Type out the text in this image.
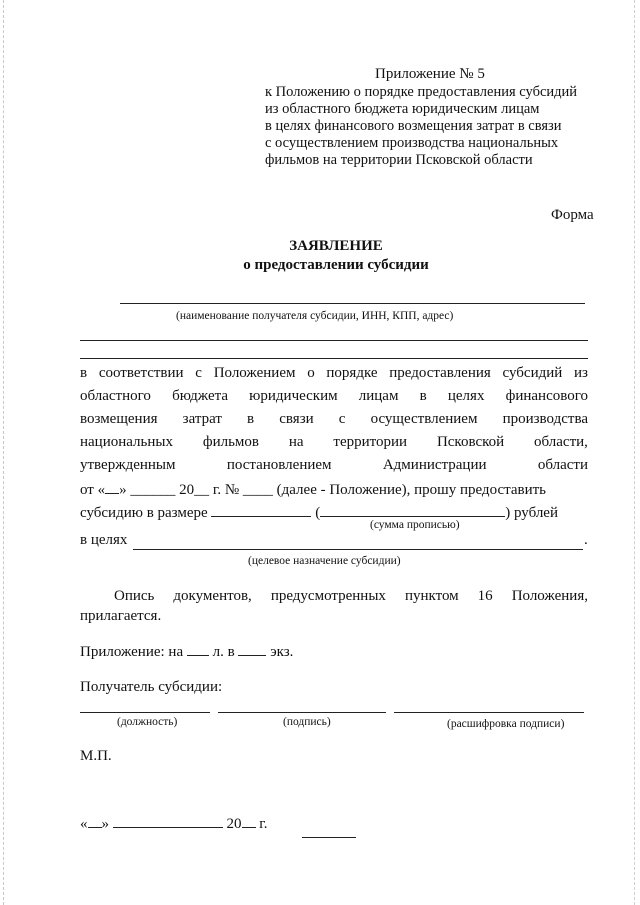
Приложение № 5
к Положению о порядке предоставления субсидий
из областного бюджета юридическим лицам
в целях финансового возмещения затрат в связи
с осуществлением производства национальных
фильмов на территории Псковской области
Форма
ЗАЯВЛЕНИЕ
о предоставлении субсидии
(наименование получателя субсидии, ИНН, КПП, адрес)
в соответствии с Положением о порядке предоставления субсидий из
областного бюджета юридическим лицам в целях финансового
возмещения затрат в связи с осуществлением производства
национальных фильмов на территории Псковской области,
утвержденным	постановлением	Администрации	области
от « » ______ 20__ г. № ____ (далее - Положение), прошу предоставить
субсидию в размере	(	) рублей
(сумма прописью)
в целях	.
(целевое назначение субсидии)
Опись документов, предусмотренных пунктом 16 Положения,
прилагается.
Приложение: на л. в экз.
Получатель субсидии:
(должность)	(подпись)	(расшифровка подписи)
М.П.
« »	20 г.
